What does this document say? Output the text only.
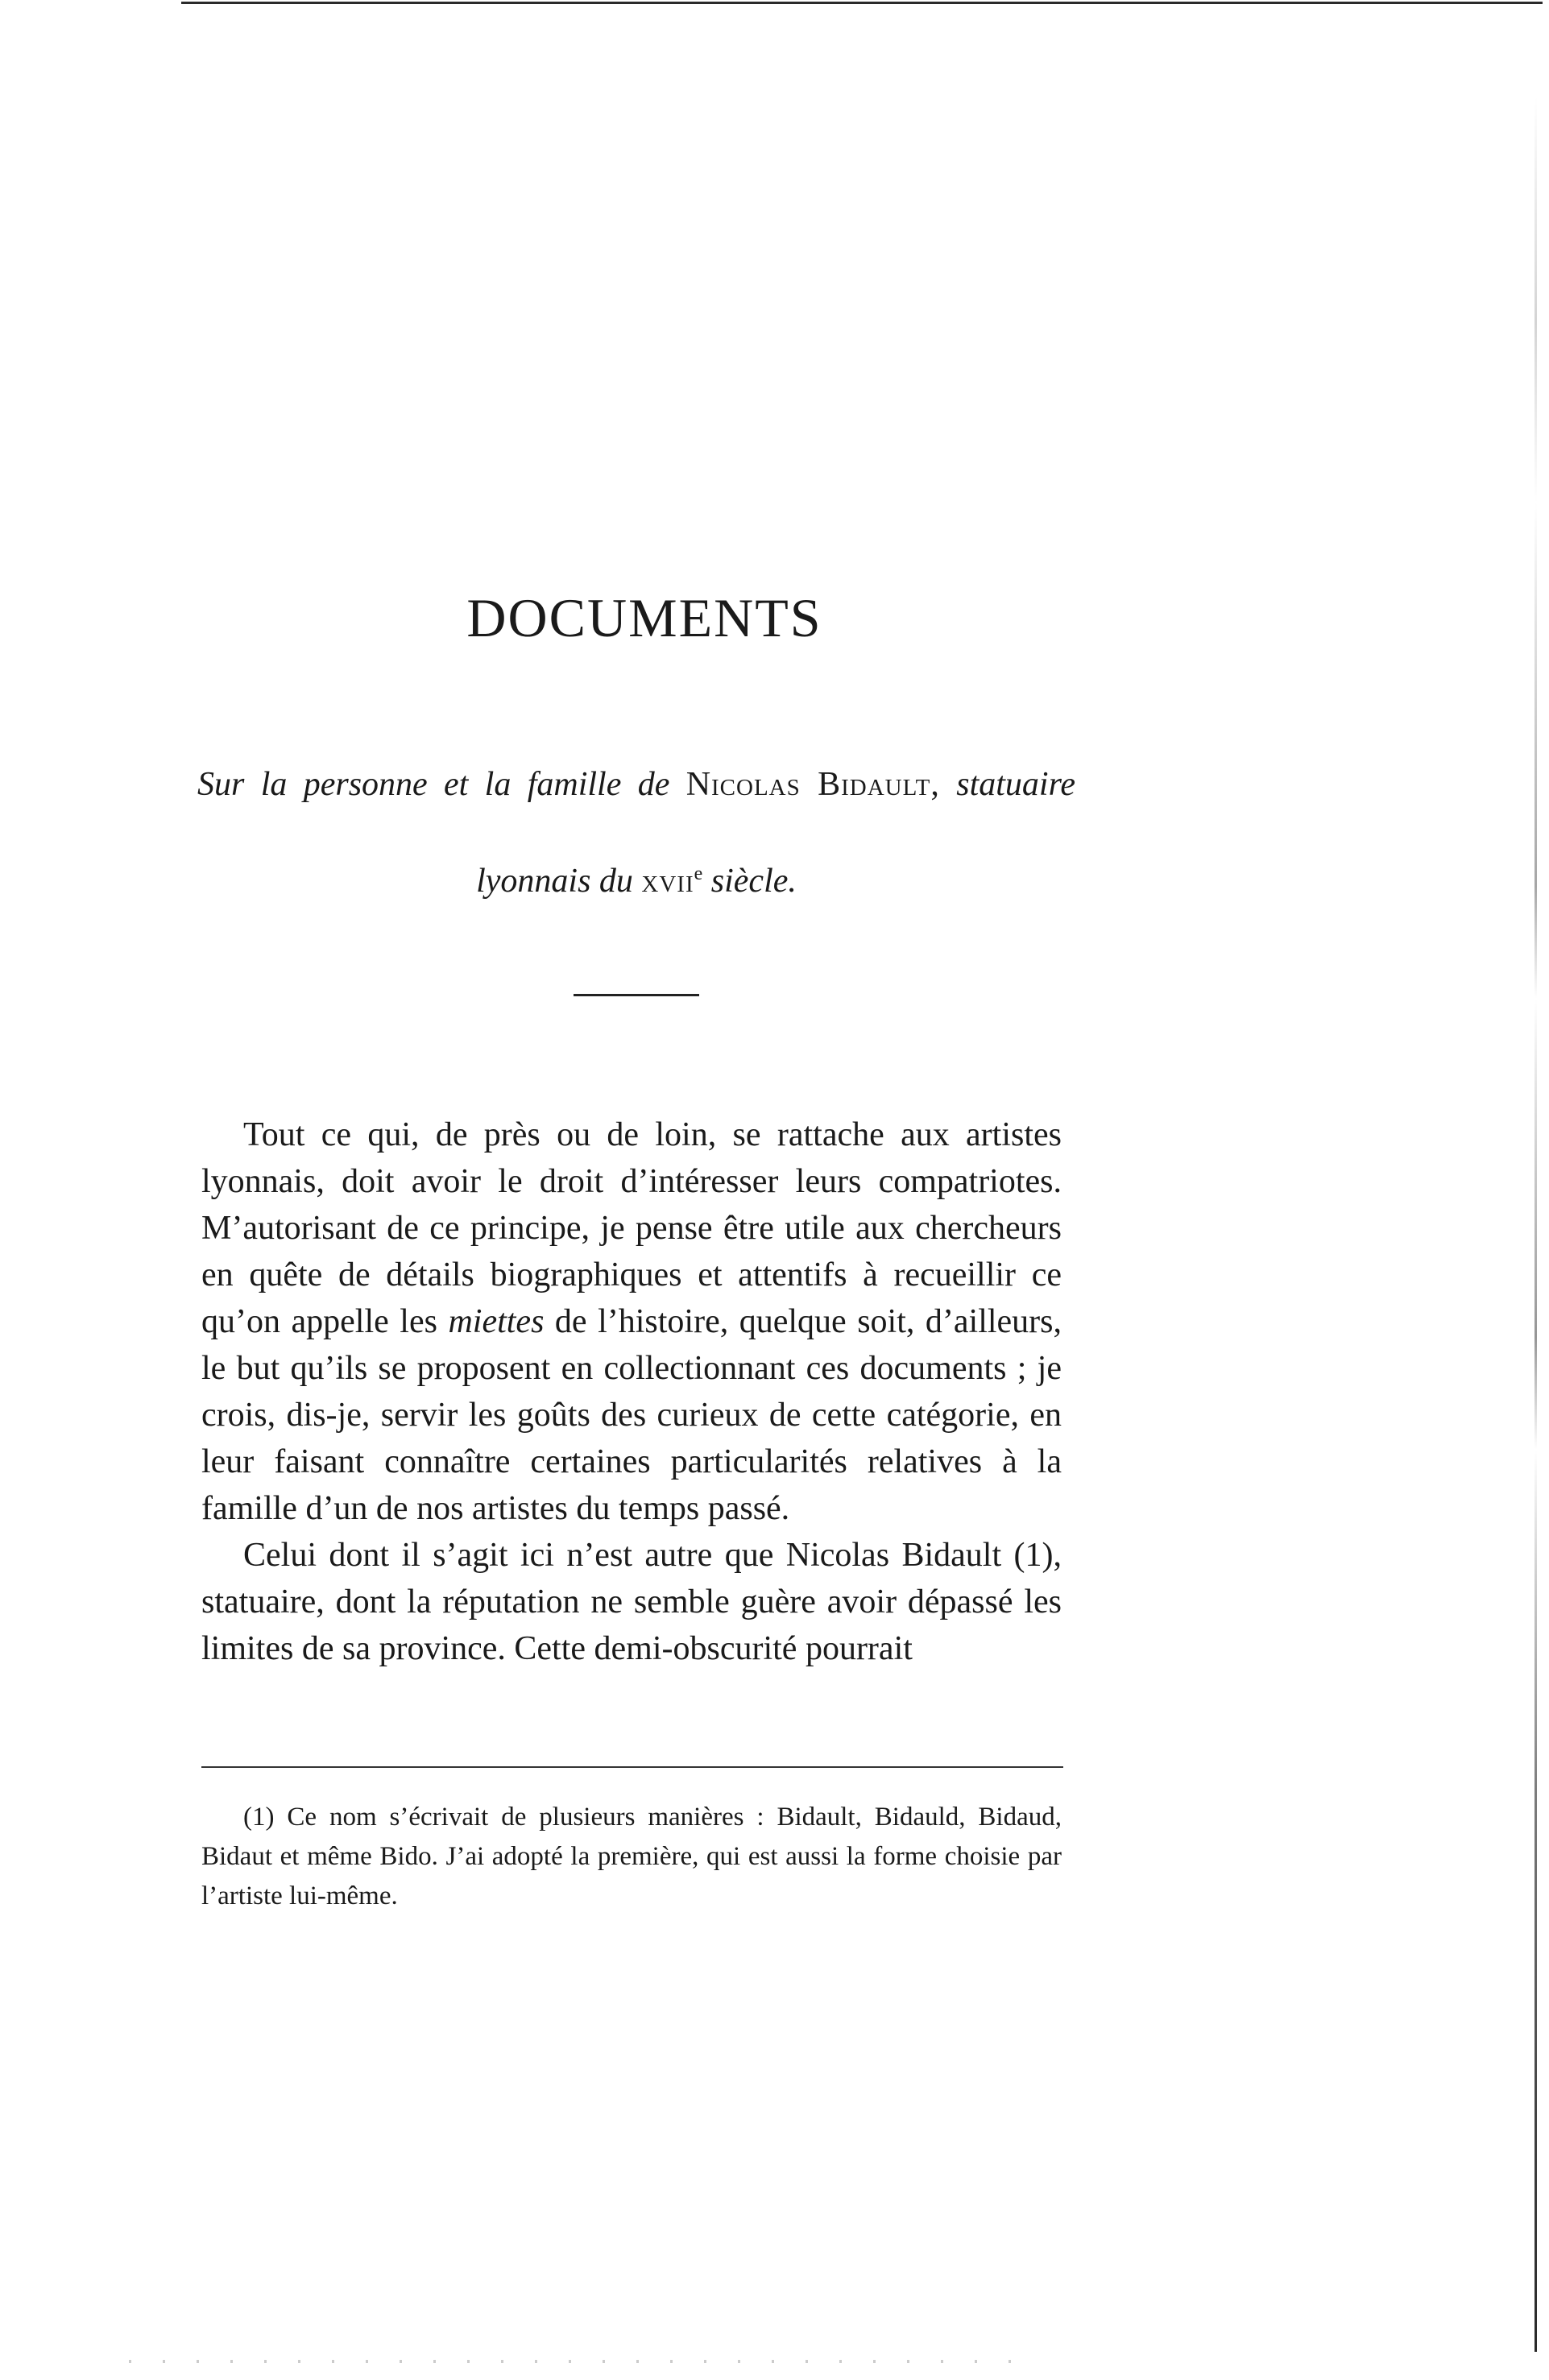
DOCUMENTS

Sur la personne et la famille de Nicolas Bidault, statuaire

lyonnais du xvii$^e$ siècle.

Tout ce qui, de près ou de loin, se rattache aux artistes lyonnais, doit avoir le droit d’intéresser leurs compatriotes. M’autorisant de ce principe, je pense être utile aux chercheurs en quête de détails biographiques et attentifs à recueillir ce qu’on appelle les miettes de l’histoire, quelque soit, d’ailleurs, le but qu’ils se proposent en collectionnant ces documents ; je crois, dis-je, servir les goûts des curieux de cette catégorie, en leur faisant connaître certaines particularités relatives à la famille d’un de nos artistes du temps passé.

Celui dont il s’agit ici n’est autre que Nicolas Bidault (1), statuaire, dont la réputation ne semble guère avoir dépassé les limites de sa province. Cette demi-obscurité pourrait

(1) Ce nom s’écrivait de plusieurs manières : Bidault, Bidauld, Bidaud, Bidaut et même Bido. J’ai adopté la première, qui est aussi la forme choisie par l’artiste lui-même.
